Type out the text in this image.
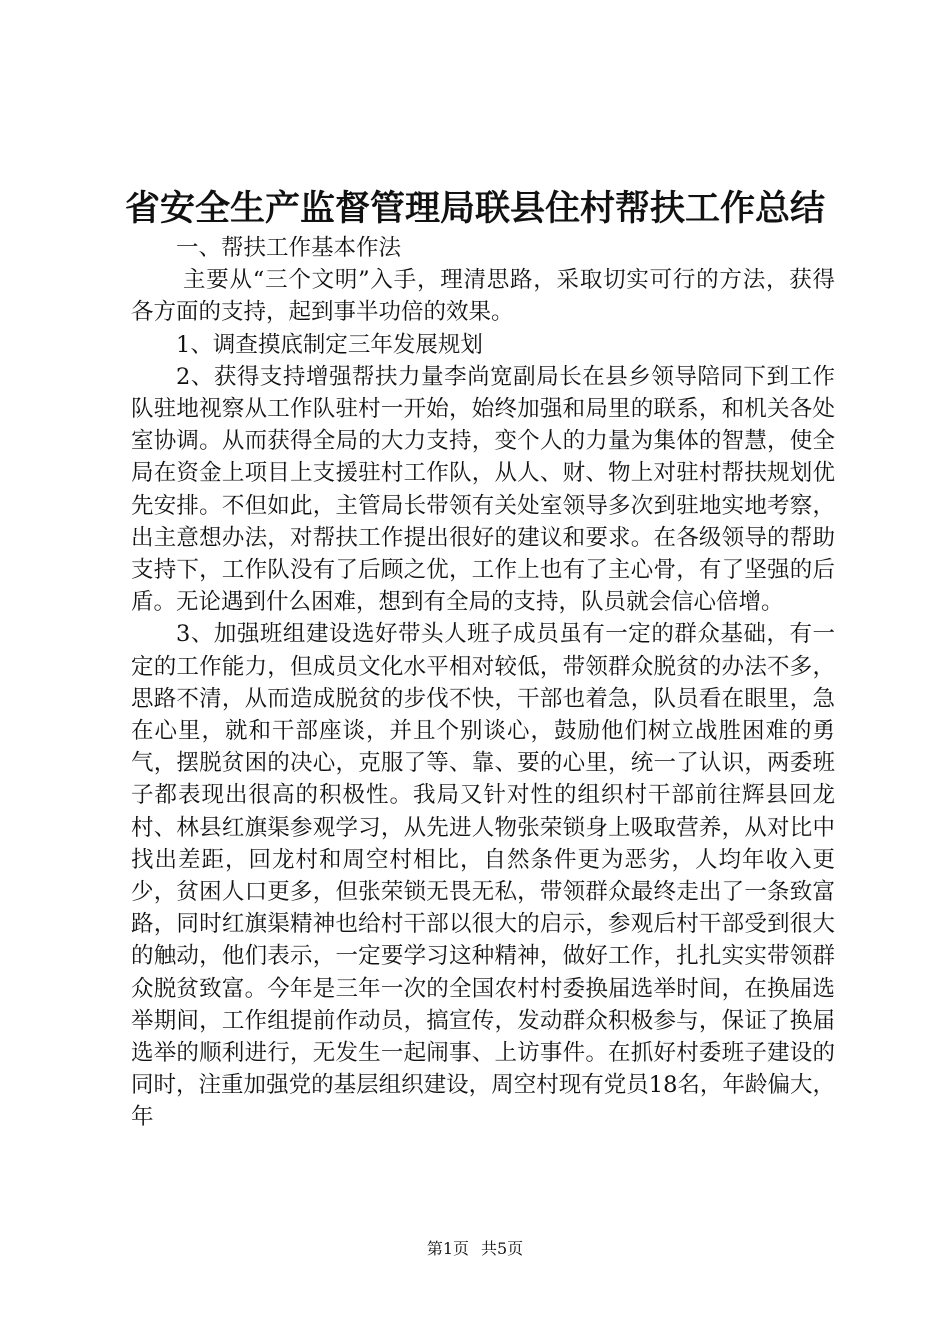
省安全生产监督管理局联县住村帮扶工作总结

一、帮扶工作基本作法

主要从“三个文明”入手，理清思路，采取切实可行的方法，获得各方面的支持，起到事半功倍的效果。

1、调查摸底制定三年发展规划

2、获得支持增强帮扶力量李尚宽副局长在县乡领导陪同下到工作队驻地视察从工作队驻村一开始，始终加强和局里的联系，和机关各处室协调。从而获得全局的大力支持，变个人的力量为集体的智慧，使全局在资金上项目上支援驻村工作队，从人、财、物上对驻村帮扶规划优先安排。不但如此，主管局长带领有关处室领导多次到驻地实地考察，出主意想办法，对帮扶工作提出很好的建议和要求。在各级领导的帮助支持下，工作队没有了后顾之优，工作上也有了主心骨，有了坚强的后盾。无论遇到什么困难，想到有全局的支持，队员就会信心倍增。

3、加强班组建设选好带头人班子成员虽有一定的群众基础，有一定的工作能力，但成员文化水平相对较低，带领群众脱贫的办法不多，思路不清，从而造成脱贫的步伐不快，干部也着急，队员看在眼里，急在心里，就和干部座谈，并且个别谈心，鼓励他们树立战胜困难的勇气，摆脱贫困的决心，克服了等、靠、要的心里，统一了认识，两委班子都表现出很高的积极性。我局又针对性的组织村干部前往辉县回龙村、林县红旗渠参观学习，从先进人物张荣锁身上吸取营养，从对比中找出差距，回龙村和周空村相比，自然条件更为恶劣，人均年收入更少，贫困人口更多，但张荣锁无畏无私，带领群众最终走出了一条致富路，同时红旗渠精神也给村干部以很大的启示，参观后村干部受到很大的触动，他们表示，一定要学习这种精神，做好工作，扎扎实实带领群众脱贫致富。今年是三年一次的全国农村村委换届选举时间，在换届选举期间，工作组提前作动员，搞宣传，发动群众积极参与，保证了换届选举的顺利进行，无发生一起闹事、上访事件。在抓好村委班子建设的同时，注重加强党的基层组织建设，周空村现有党员18名，年龄偏大，年

第1页 共5页
